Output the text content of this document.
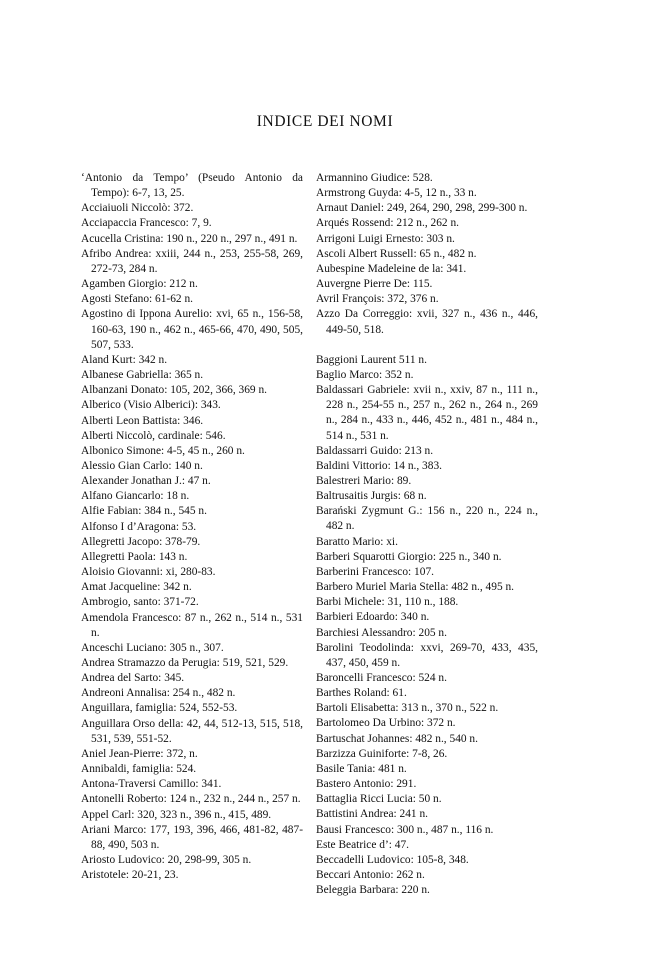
INDICE DEI NOMI

‘Antonio da Tempo’ (Pseudo Antonio da Tempo): 6-7, 13, 25.

Acciaiuoli Niccolò: 372.

Acciapaccia Francesco: 7, 9.

Acucella Cristina: 190 n., 220 n., 297 n., 491 n.

Afribo Andrea: xxiii, 244 n., 253, 255-58, 269, 272-73, 284 n.

Agamben Giorgio: 212 n.

Agosti Stefano: 61-62 n.

Agostino di Ippona Aurelio: xvi, 65 n., 156-58, 160-63, 190 n., 462 n., 465-66, 470, 490, 505, 507, 533.

Aland Kurt: 342 n.

Albanese Gabriella: 365 n.

Albanzani Donato: 105, 202, 366, 369 n.

Alberico (Visio Alberici): 343.

Alberti Leon Battista: 346.

Alberti Niccolò, cardinale: 546.

Albonico Simone: 4-5, 45 n., 260 n.

Alessio Gian Carlo: 140 n.

Alexander Jonathan J.: 47 n.

Alfano Giancarlo: 18 n.

Alfie Fabian: 384 n., 545 n.

Alfonso I d’Aragona: 53.

Allegretti Jacopo: 378-79.

Allegretti Paola: 143 n.

Aloisio Giovanni: xi, 280-83.

Amat Jacqueline: 342 n.

Ambrogio, santo: 371-72.

Amendola Francesco: 87 n., 262 n., 514 n., 531 n.

Anceschi Luciano: 305 n., 307.

Andrea Stramazzo da Perugia: 519, 521, 529.

Andrea del Sarto: 345.

Andreoni Annalisa: 254 n., 482 n.

Anguillara, famiglia: 524, 552-53.

Anguillara Orso della: 42, 44, 512-13, 515, 518, 531, 539, 551-52.

Aniel Jean-Pierre: 372, n.

Annibaldi, famiglia: 524.

Antona-Traversi Camillo: 341.

Antonelli Roberto: 124 n., 232 n., 244 n., 257 n.

Appel Carl: 320, 323 n., 396 n., 415, 489.

Ariani Marco: 177, 193, 396, 466, 481-82, 487-88, 490, 503 n.

Ariosto Ludovico: 20, 298-99, 305 n.

Aristotele: 20-21, 23.

Armannino Giudice: 528.

Armstrong Guyda: 4-5, 12 n., 33 n.

Arnaut Daniel: 249, 264, 290, 298, 299-300 n.

Arqués Rossend: 212 n., 262 n.

Arrigoni Luigi Ernesto: 303 n.

Ascoli Albert Russell: 65 n., 482 n.

Aubespine Madeleine de la: 341.

Auvergne Pierre De: 115.

Avril François: 372, 376 n.

Azzo Da Correggio: xvii, 327 n., 436 n., 446, 449-50, 518.

Baggioni Laurent 511 n.

Baglio Marco: 352 n.

Baldassari Gabriele: xvii n., xxiv, 87 n., 111 n., 228 n., 254-55 n., 257 n., 262 n., 264 n., 269 n., 284 n., 433 n., 446, 452 n., 481 n., 484 n., 514 n., 531 n.

Baldassarri Guido: 213 n.

Baldini Vittorio: 14 n., 383.

Balestreri Mario: 89.

Baltrusaitis Jurgis: 68 n.

Barański Zygmunt G.: 156 n., 220 n., 224 n., 482 n.

Baratto Mario: xi.

Barberi Squarotti Giorgio: 225 n., 340 n.

Barberini Francesco: 107.

Barbero Muriel Maria Stella: 482 n., 495 n.

Barbi Michele: 31, 110 n., 188.

Barbieri Edoardo: 340 n.

Barchiesi Alessandro: 205 n.

Barolini Teodolinda: xxvi, 269-70, 433, 435, 437, 450, 459 n.

Baroncelli Francesco: 524 n.

Barthes Roland: 61.

Bartoli Elisabetta: 313 n., 370 n., 522 n.

Bartolomeo Da Urbino: 372 n.

Bartuschat Johannes: 482 n., 540 n.

Barzizza Guiniforte: 7-8, 26.

Basile Tania: 481 n.

Bastero Antonio: 291.

Battaglia Ricci Lucia: 50 n.

Battistini Andrea: 241 n.

Bausi Francesco: 300 n., 487 n., 116 n.

Este Beatrice d’: 47.

Beccadelli Ludovico: 105-8, 348.

Beccari Antonio: 262 n.

Beleggia Barbara: 220 n.
